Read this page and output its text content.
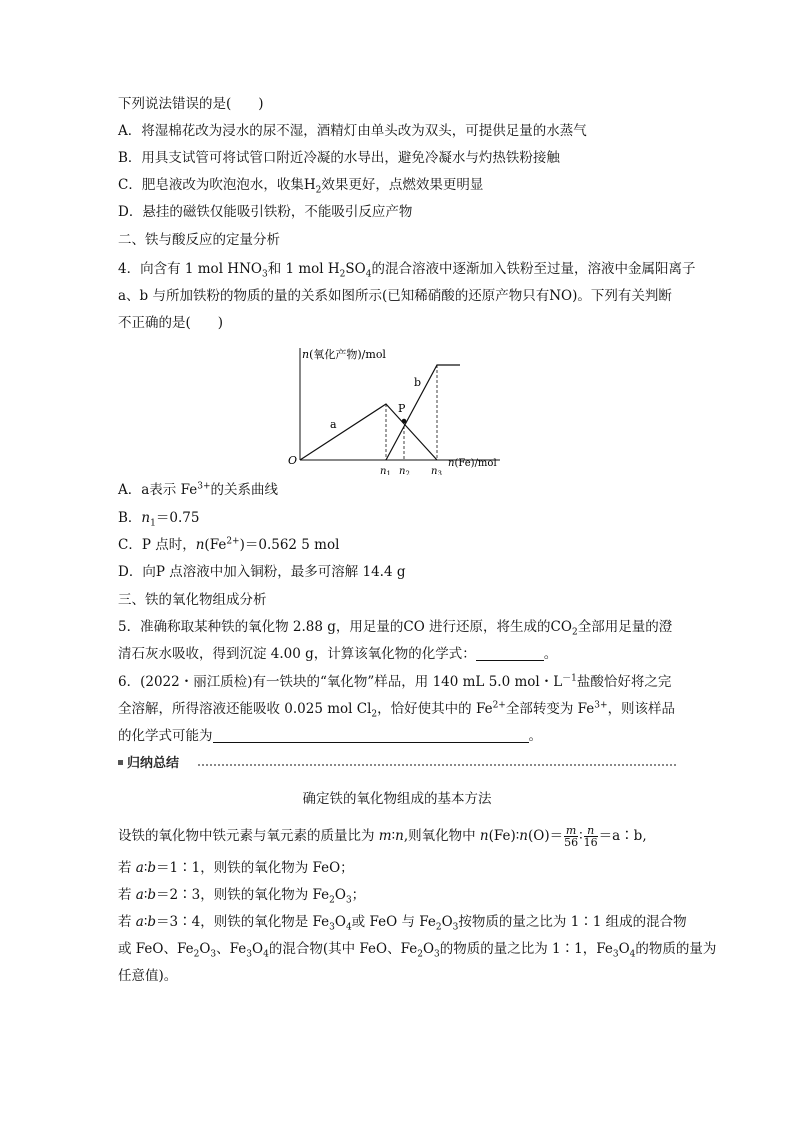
下列说法错误的是(　　)
A．将湿棉花改为浸水的尿不湿，酒精灯由单头改为双头，可提供足量的水蒸气
B．用具支试管可将试管口附近冷凝的水导出，避免冷凝水与灼热铁粉接触
C．肥皂液改为吹泡泡水，收集$H_2$效果更好，点燃效果更明显
D．悬挂的磁铁仅能吸引铁粉，不能吸引反应产物
二、铁与酸反应的定量分析
4．向含有 1 mol $HNO_3$和 1 mol $H_2SO_4$的混合溶液中逐渐加入铁粉至过量，溶液中金属阳离子
a、b 与所加铁粉的物质的量的关系如图所示(已知稀硝酸的还原产物只有NO)。下列有关判断
不正确的是(　　)
n(氧化产物)/mol
O
a
b
P
$n_1$ $n_2$ $n_3$
n(Fe)/mol
A．a表示 $Fe^{3+}$的关系曲线
B．$n_1=0.75$
C．P 点时，$n(Fe^{2+})=0.562$ 5 mol
D．向P 点溶液中加入铜粉，最多可溶解 14.4 g
三、铁的氧化物组成分析
5．准确称取某种铁的氧化物 2.88 g，用足量的CO 进行还原，将生成的$CO_2$全部用足量的澄
清石灰水吸收，得到沉淀 4.00 g，计算该氧化物的化学式：	。
6．(2022・丽江质检)有一铁块的“氧化物”样品，用 140 mL 5.0 mol・$L^{-1}$盐酸恰好将之完
全溶解，所得溶液还能吸收 0.025 mol $Cl_2$，恰好使其中的 $Fe^{2+}$全部转变为 $Fe^{3+}$，则该样品
的化学式可能为	。
归纳总结
确定铁的氧化物组成的基本方法
设铁的氧化物中铁元素与氧元素的质量比为 m∶n,则氧化物中 n(Fe)∶n(O)＝ $\frac{m}{56}$ ∶ $\frac{n}{16}$ ＝a∶b,
若 a∶b＝1∶1，则铁的氧化物为 FeO；
若 a∶b＝2∶3，则铁的氧化物为 $Fe_2O_3$；
若 a∶b＝3∶4，则铁的氧化物是 $Fe_3O_4$或 FeO 与 $Fe_2O_3$按物质的量之比为 1∶1 组成的混合物
或 FeO、$Fe_2O_3$、$Fe_3O_4$的混合物(其中 FeO、$Fe_2O_3$的物质的量之比为 1∶1，$Fe_3O_4$的物质的量为
任意值)。
